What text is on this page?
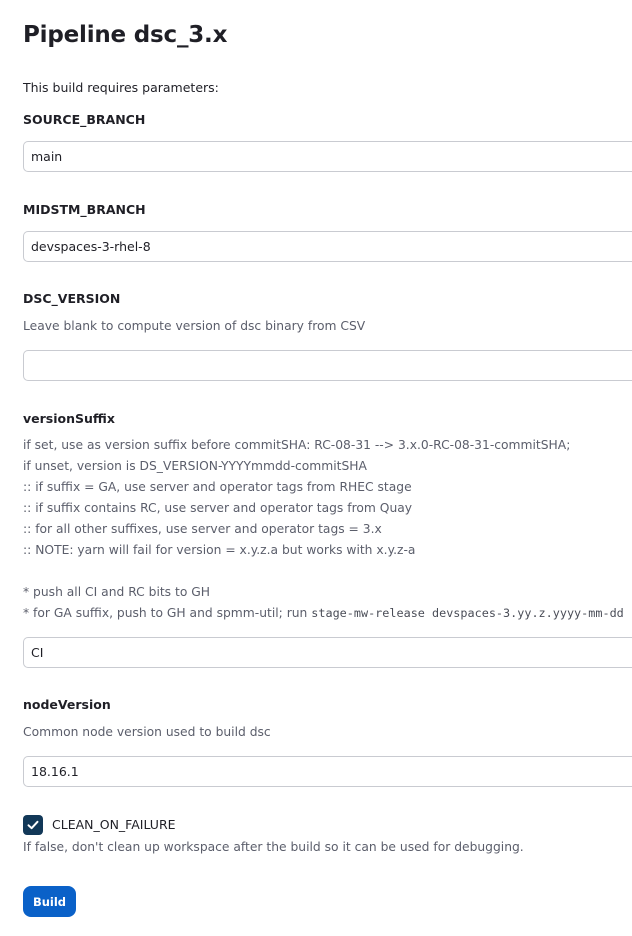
Pipeline dsc_3.x
This build requires parameters:
SOURCE_BRANCH
main
MIDSTM_BRANCH
devspaces-3-rhel-8
DSC_VERSION
Leave blank to compute version of dsc binary from CSV
versionSuffix
if set, use as version suffix before commitSHA: RC-08-31 --> 3.x.0-RC-08-31-commitSHA;
if unset, version is DS_VERSION-YYYYmmdd-commitSHA
:: if suffix = GA, use server and operator tags from RHEC stage
:: if suffix contains RC, use server and operator tags from Quay
:: for all other suffixes, use server and operator tags = 3.x
:: NOTE: yarn will fail for version = x.y.z.a but works with x.y.z-a
* push all CI and RC bits to GH
* for GA suffix, push to GH and spmm-util; run stage-mw-release devspaces-3.yy.z.yyyy-mm-dd
CI
nodeVersion
Common node version used to build dsc
18.16.1
CLEAN_ON_FAILURE
If false, don't clean up workspace after the build so it can be used for debugging.
Build
